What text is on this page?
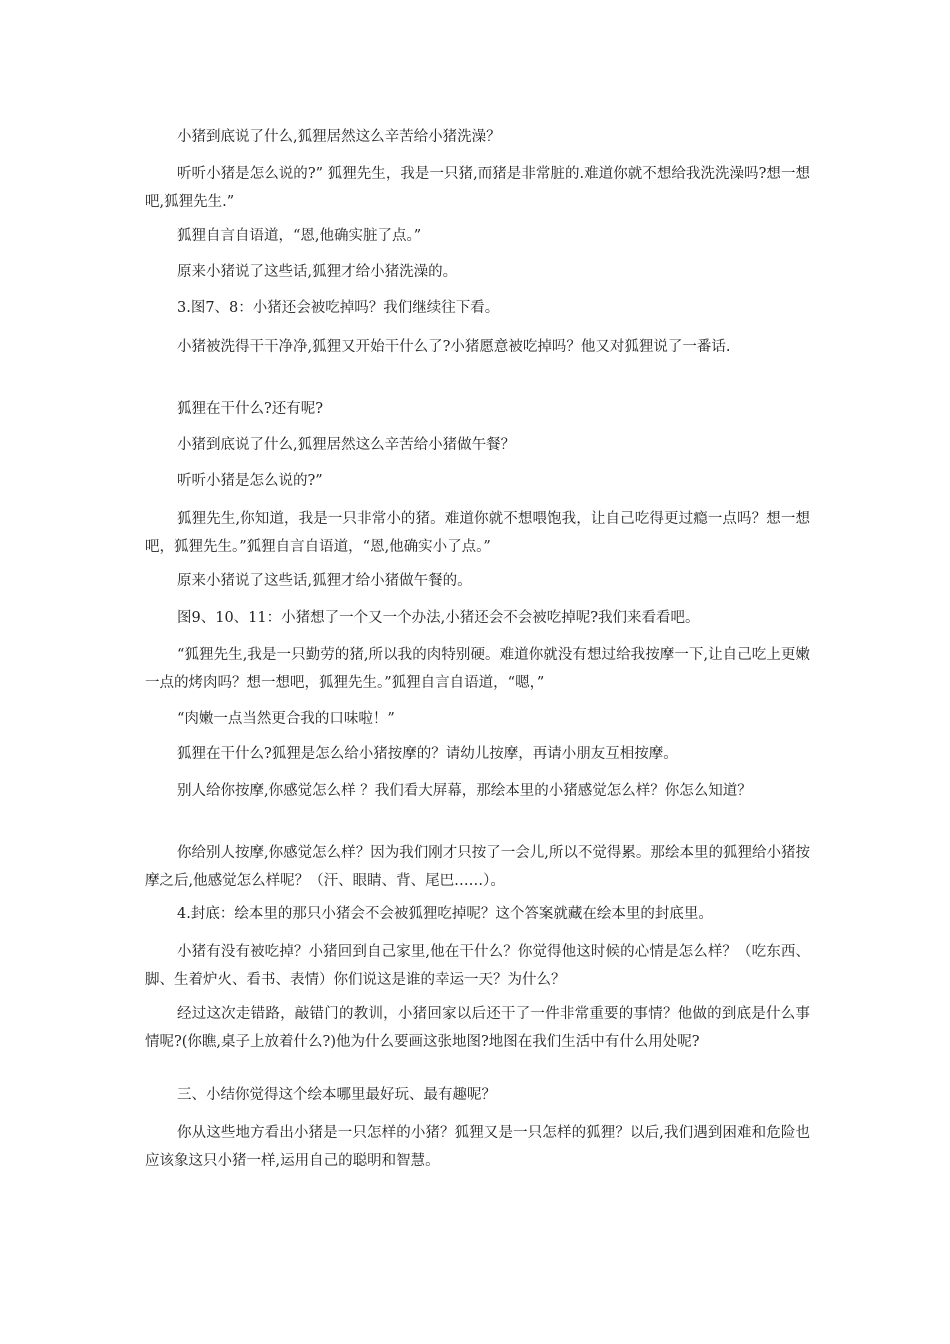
小猪到底说了什么,狐狸居然这么辛苦给小猪洗澡？

听听小猪是怎么说的?” 狐狸先生，我是一只猪,而猪是非常脏的.难道你就不想给我洗洗澡吗?想一想吧,狐狸先生.”

狐狸自言自语道，“恩,他确实脏了点。”

原来小猪说了这些话,狐狸才给小猪洗澡的。

3.图7、8：小猪还会被吃掉吗？我们继续往下看。

小猪被洗得干干净净,狐狸又开始干什么了?小猪愿意被吃掉吗？他又对狐狸说了一番话.

狐狸在干什么?还有呢?

小猪到底说了什么,狐狸居然这么辛苦给小猪做午餐？

听听小猪是怎么说的?”

狐狸先生,你知道，我是一只非常小的猪。难道你就不想喂饱我，让自己吃得更过瘾一点吗？想一想吧，狐狸先生。”狐狸自言自语道，“恩,他确实小了点。”

原来小猪说了这些话,狐狸才给小猪做午餐的。

图9、10、11：小猪想了一个又一个办法,小猪还会不会被吃掉呢?我们来看看吧。

“狐狸先生,我是一只勤劳的猪,所以我的肉特别硬。难道你就没有想过给我按摩一下,让自己吃上更嫩一点的烤肉吗？想一想吧，狐狸先生。”狐狸自言自语道，“嗯，”

“肉嫩一点当然更合我的口味啦！”

狐狸在干什么?狐狸是怎么给小猪按摩的？请幼儿按摩，再请小朋友互相按摩。

别人给你按摩,你感觉怎么样 ？我们看大屏幕，那绘本里的小猪感觉怎么样？你怎么知道？

你给别人按摩,你感觉怎么样？因为我们刚才只按了一会儿,所以不觉得累。那绘本里的狐狸给小猪按摩之后,他感觉怎么样呢？（汗、眼睛、背、尾巴……）。

4.封底：绘本里的那只小猪会不会被狐狸吃掉呢？这个答案就藏在绘本里的封底里。

小猪有没有被吃掉？小猪回到自己家里,他在干什么？你觉得他这时候的心情是怎么样？（吃东西、脚、生着炉火、看书、表情）你们说这是谁的幸运一天？为什么？

经过这次走错路，敲错门的教训，小猪回家以后还干了一件非常重要的事情？他做的到底是什么事情呢?(你瞧,桌子上放着什么?)他为什么要画这张地图?地图在我们生活中有什么用处呢?

三、小结你觉得这个绘本哪里最好玩、最有趣呢？

你从这些地方看出小猪是一只怎样的小猪？狐狸又是一只怎样的狐狸？以后,我们遇到困难和危险也应该象这只小猪一样,运用自己的聪明和智慧。
